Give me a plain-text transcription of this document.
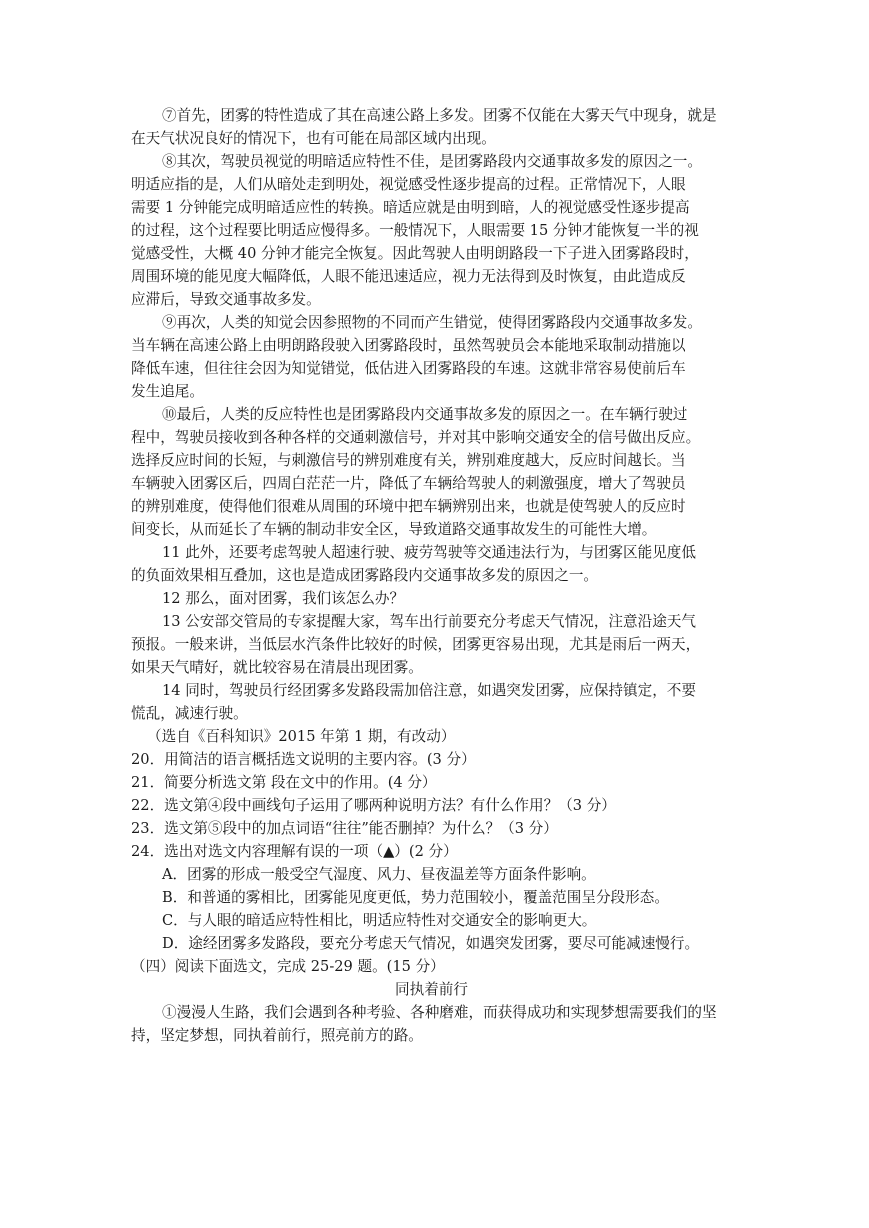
⑦首先，团雾的特性造成了其在高速公路上多发。团雾不仅能在大雾天气中现身，就是
在天气状况良好的情况下，也有可能在局部区域内出现。
⑧其次，驾驶员视觉的明暗适应特性不佳，是团雾路段内交通事故多发的原因之一。
明适应指的是，人们从暗处走到明处，视觉感受性逐步提高的过程。正常情况下，人眼
需要 1 分钟能完成明暗适应性的转换。暗适应就是由明到暗，人的视觉感受性逐步提高
的过程，这个过程要比明适应慢得多。一般情况下，人眼需要 15 分钟才能恢复一半的视
觉感受性，大概 40 分钟才能完全恢复。因此驾驶人由明朗路段一下子进入团雾路段时，
周围环境的能见度大幅降低，人眼不能迅速适应，视力无法得到及时恢复，由此造成反
应滞后，导致交通事故多发。
⑨再次，人类的知觉会因参照物的不同而产生错觉，使得团雾路段内交通事故多发。
当车辆在高速公路上由明朗路段驶入团雾路段时，虽然驾驶员会本能地采取制动措施以
降低车速，但往往会因为知觉错觉，低估进入团雾路段的车速。这就非常容易使前后车
发生追尾。
⑩最后，人类的反应特性也是团雾路段内交通事故多发的原因之一。在车辆行驶过
程中，驾驶员接收到各种各样的交通刺激信号，并对其中影响交通安全的信号做出反应。
选择反应时间的长短，与刺激信号的辨别难度有关，辨别难度越大，反应时间越长。当
车辆驶入团雾区后，四周白茫茫一片，降低了车辆给驾驶人的刺激强度，增大了驾驶员
的辨别难度，使得他们很难从周围的环境中把车辆辨别出来，也就是使驾驶人的反应时
间变长，从而延长了车辆的制动非安全区，导致道路交通事故发生的可能性大增。
11 此外，还要考虑驾驶人超速行驶、疲劳驾驶等交通违法行为，与团雾区能见度低
的负面效果相互叠加，这也是造成团雾路段内交通事故多发的原因之一。
12 那么，面对团雾，我们该怎么办？
13 公安部交管局的专家提醒大家，驾车出行前要充分考虑天气情况，注意沿途天气
预报。一般来讲，当低层水汽条件比较好的时候，团雾更容易出现，尤其是雨后一两天，
如果天气晴好，就比较容易在清晨出现团雾。
14 同时，驾驶员行经团雾多发路段需加倍注意，如遇突发团雾，应保持镇定，不要
慌乱，减速行驶。
（选自《百科知识》2015 年第 1 期，有改动）
20．用简洁的语言概括选文说明的主要内容。(3 分）
21．简要分析选文第 段在文中的作用。(4 分）
22．选文第④段中画线句子运用了哪两种说明方法？有什么作用？（3 分）
23．选文第⑤段中的加点词语“往往”能否删掉？为什么？（3 分）
24．选出对选文内容理解有误的一项（▲）(2 分）
A．团雾的形成一般受空气湿度、风力、昼夜温差等方面条件影响。
B．和普通的雾相比，团雾能见度更低，势力范围较小，覆盖范围呈分段形态。
C．与人眼的暗适应特性相比，明适应特性对交通安全的影响更大。
D．途经团雾多发路段，要充分考虑天气情况，如遇突发团雾，要尽可能减速慢行。
（四）阅读下面选文，完成 25-29 题。(15 分）
同执着前行
①漫漫人生路，我们会遇到各种考验、各种磨难，而获得成功和实现梦想需要我们的坚
持，坚定梦想，同执着前行，照亮前方的路。
